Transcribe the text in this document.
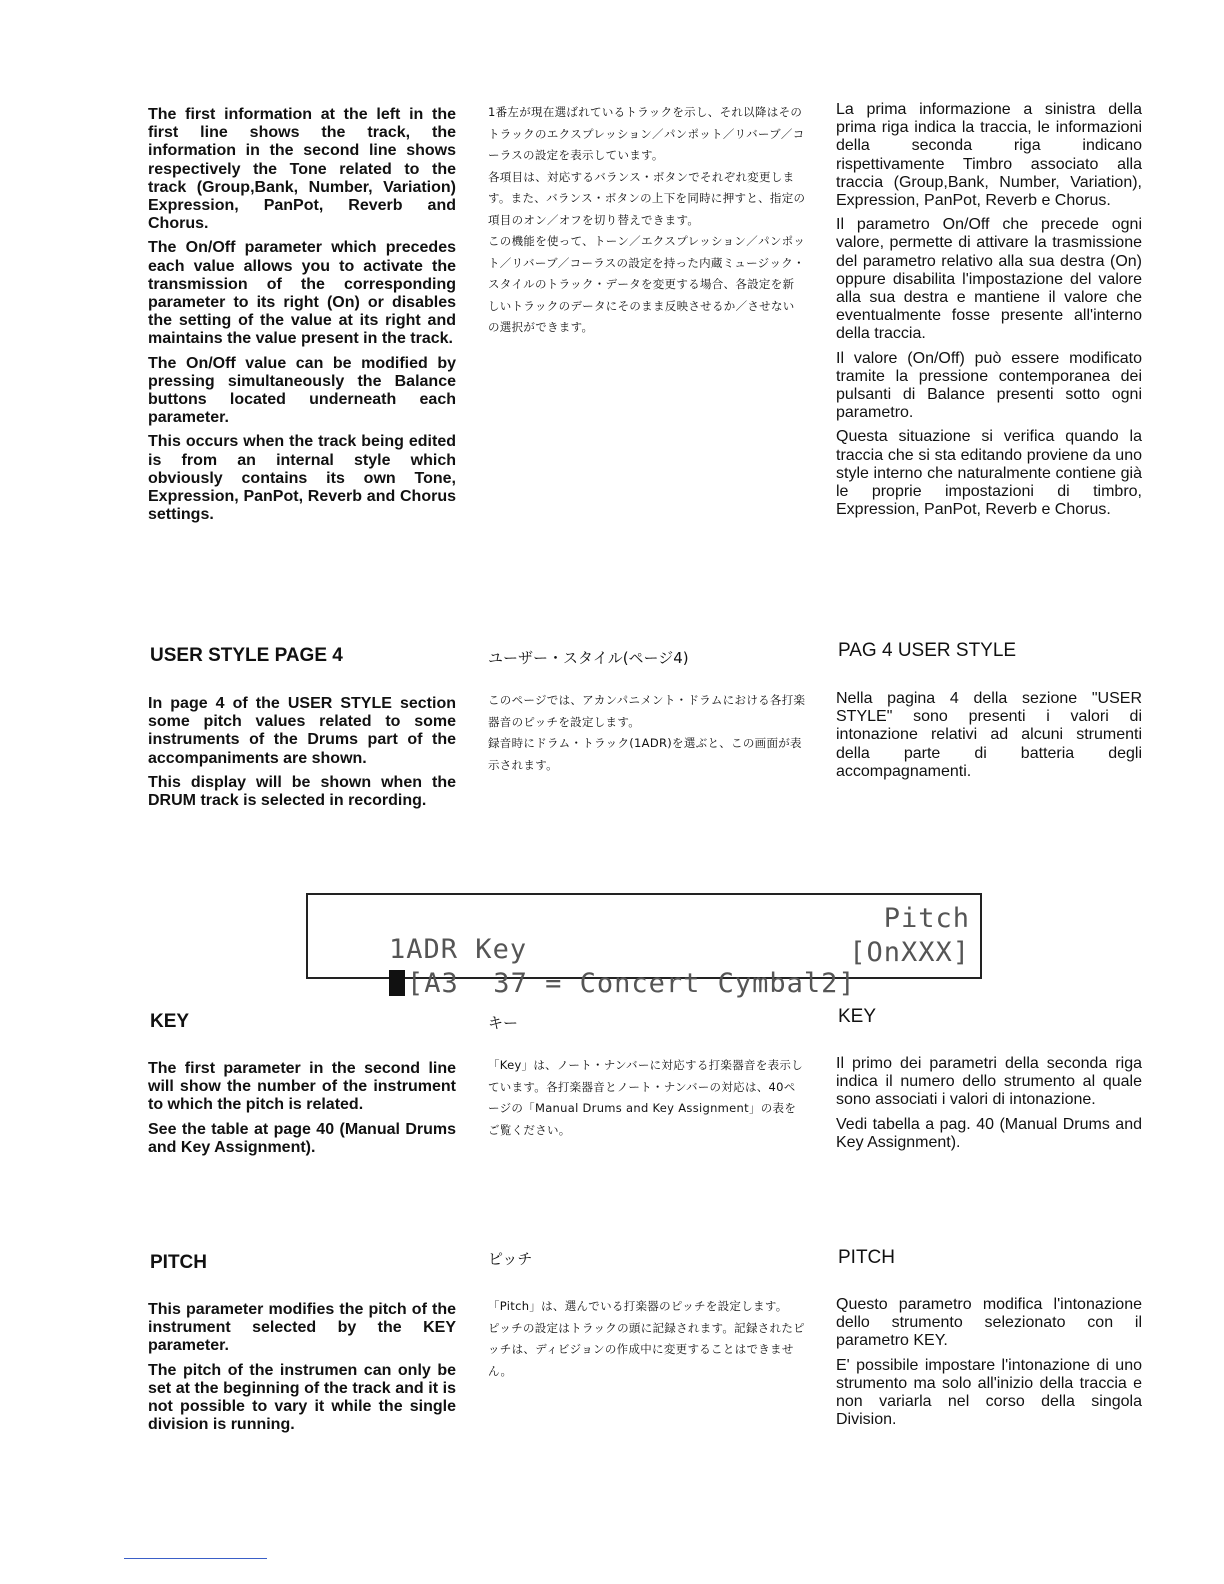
The first information at the left in the first line shows the track, the information in the second line shows respectively the Tone related to the track (Group,Bank, Number, Variation) Expression, PanPot, Reverb and Chorus.

The On/Off parameter which precedes each value allows you to activate the transmission of the corresponding parameter to its right (On) or disables the setting of the value at its right and maintains the value present in the track.

The On/Off value can be modified by pressing simultaneously the Balance buttons located underneath each parameter.

This occurs when the track being edited is from an internal style which obviously contains its own Tone, Expression, PanPot, Reverb and Chorus settings.

1番左が現在選ばれているトラックを示し、それ以降はそのトラックのエクスプレッション／パンポット／リバーブ／コーラスの設定を表示しています。

各項目は、対応するバランス・ボタンでそれぞれ変更します。また、バランス・ボタンの上下を同時に押すと、指定の項目のオン／オフを切り替えできます。

この機能を使って、トーン／エクスプレッション／パンポット／リバーブ／コーラスの設定を持った内蔵ミュージック・スタイルのトラック・データを変更する場合、各設定を新しいトラックのデータにそのまま反映させるか／させないの選択ができます。

La prima informazione a sinistra della prima riga indica la traccia, le informazioni della seconda riga indicano rispettivamente Timbro associato alla traccia (Group,Bank, Number, Variation), Expression, PanPot, Reverb e Chorus.

Il parametro On/Off che precede ogni valore, permette di attivare la trasmissione del parametro relativo alla sua destra (On) oppure disabilita l'impostazione del valore alla sua destra e mantiene il valore che eventualmente fosse presente all'interno della traccia.

Il valore (On/Off) può essere modificato tramite la pressione contemporanea dei pulsanti di Balance presenti sotto ogni parametro.

Questa situazione si verifica quando la traccia che si sta editando proviene da uno style interno che naturalmente contiene già le proprie impostazioni di timbro, Expression, PanPot, Reverb e Chorus.

USER STYLE PAGE 4	ユーザー・スタイル(ページ4)	PAG 4 USER STYLE

In page 4 of the USER STYLE section some pitch values related to some instruments of the Drums part of the accompaniments are shown.

This display will be shown when the DRUM track is selected in recording.

このページでは、アカンパニメント・ドラムにおける各打楽器音のピッチを設定します。

録音時にドラム・トラック(1ADR)を選ぶと、この画面が表示されます。

Nella pagina 4 della sezione "USER STYLE" sono presenti i valori di intonazione relativi ad alcuni strumenti della parte di batteria degli accompagnamenti.

1ADR Key

Pitch

[A3  37 = Concert Cymbal2]

[OnXXX]

KEY	キー	KEY

The first parameter in the second line will show the number of the instrument to which the pitch is related.

See the table at page 40 (Manual Drums and Key Assignment).

「Key」は、ノート・ナンバーに対応する打楽器音を表示しています。各打楽器音とノート・ナンバーの対応は、40ページの「Manual Drums and Key Assignment」の表をご覧ください。

Il primo dei parametri della seconda riga indica il numero dello strumento al quale sono associati i valori di intonazione.

Vedi tabella a pag. 40 (Manual Drums and Key Assignment).

PITCH	ピッチ	PITCH

This parameter modifies the pitch of the instrument selected by the KEY parameter.

The pitch of the instrumen can only be set at the beginning of the track and it is not possible to vary it while the single division is running.

「Pitch」は、選んでいる打楽器のピッチを設定します。

ピッチの設定はトラックの頭に記録されます。記録されたピッチは、ディビジョンの作成中に変更することはできません。

Questo parametro modifica l'intonazione dello strumento selezionato con il parametro KEY.

E' possibile impostare l'intonazione di uno strumento ma solo all'inizio della traccia e non variarla nel corso della singola Division.
